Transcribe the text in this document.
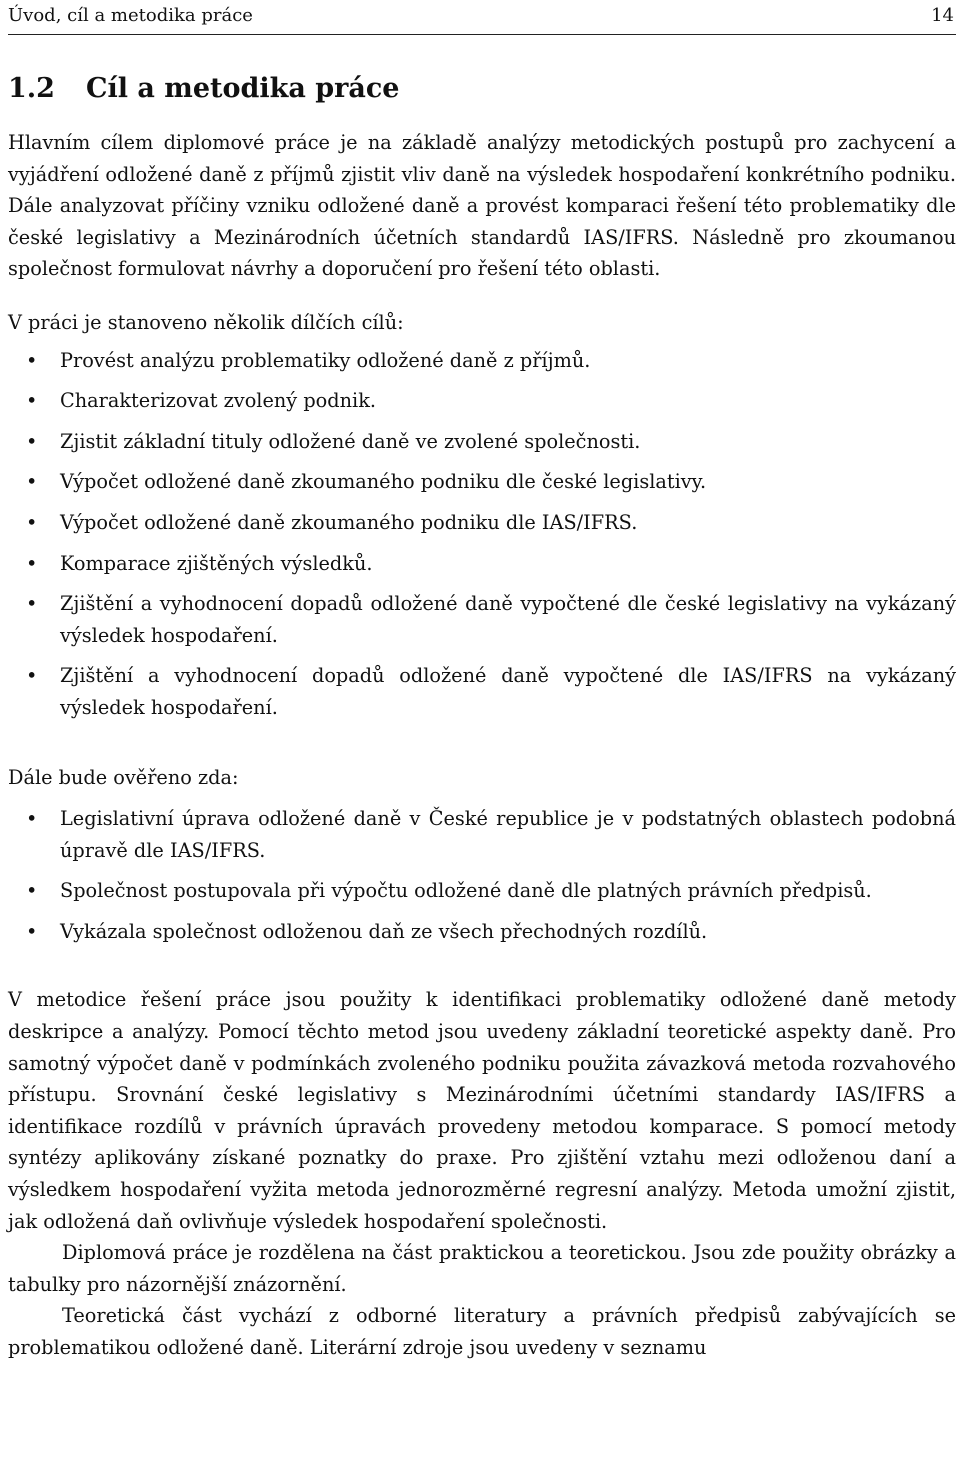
Úvod, cíl a metodika práce	14
1.2 Cíl a metodika práce

Hlavním cílem diplomové práce je na základě analýzy metodických postupů pro zachycení a vyjádření odložené daně z příjmů zjistit vliv daně na výsledek hospodaření konkrétního podniku. Dále analyzovat příčiny vzniku odložené daně a provést komparaci řešení této problematiky dle české legislativy a Mezinárodních účetních standardů IAS/IFRS. Následně pro zkoumanou společnost formulovat návrhy a doporučení pro řešení této oblasti.

V práci je stanoveno několik dílčích cílů:

• Provést analýzu problematiky odložené daně z příjmů.
• Charakterizovat zvolený podnik.
• Zjistit základní tituly odložené daně ve zvolené společnosti.
• Výpočet odložené daně zkoumaného podniku dle české legislativy.
• Výpočet odložené daně zkoumaného podniku dle IAS/IFRS.
• Komparace zjištěných výsledků.
• Zjištění a vyhodnocení dopadů odložené daně vypočtené dle české legislativy na vykázaný výsledek hospodaření.
• Zjištění a vyhodnocení dopadů odložené daně vypočtené dle IAS/IFRS na vykázaný výsledek hospodaření.

Dále bude ověřeno zda:

• Legislativní úprava odložené daně v České republice je v podstatných oblastech podobná úpravě dle IAS/IFRS.
• Společnost postupovala při výpočtu odložené daně dle platných právních předpisů.
• Vykázala společnost odloženou daň ze všech přechodných rozdílů.

V metodice řešení práce jsou použity k identifikaci problematiky odložené daně metody deskripce a analýzy. Pomocí těchto metod jsou uvedeny základní teoretické aspekty daně. Pro samotný výpočet daně v podmínkách zvoleného podniku použita závazková metoda rozvahového přístupu. Srovnání české legislativy s Mezinárodními účetními standardy IAS/IFRS a identifikace rozdílů v právních úpravách provedeny metodou komparace. S pomocí metody syntézy aplikovány získané poznatky do praxe. Pro zjištění vztahu mezi odloženou daní a výsledkem hospodaření vyžita metoda jednorozměrné regresní analýzy. Metoda umožní zjistit, jak odložená daň ovlivňuje výsledek hospodaření společnosti.

Diplomová práce je rozdělena na část praktickou a teoretickou. Jsou zde použity obrázky a tabulky pro názornější znázornění.

Teoretická část vychází z odborné literatury a právních předpisů zabývajících se problematikou odložené daně. Literární zdroje jsou uvedeny v seznamu
